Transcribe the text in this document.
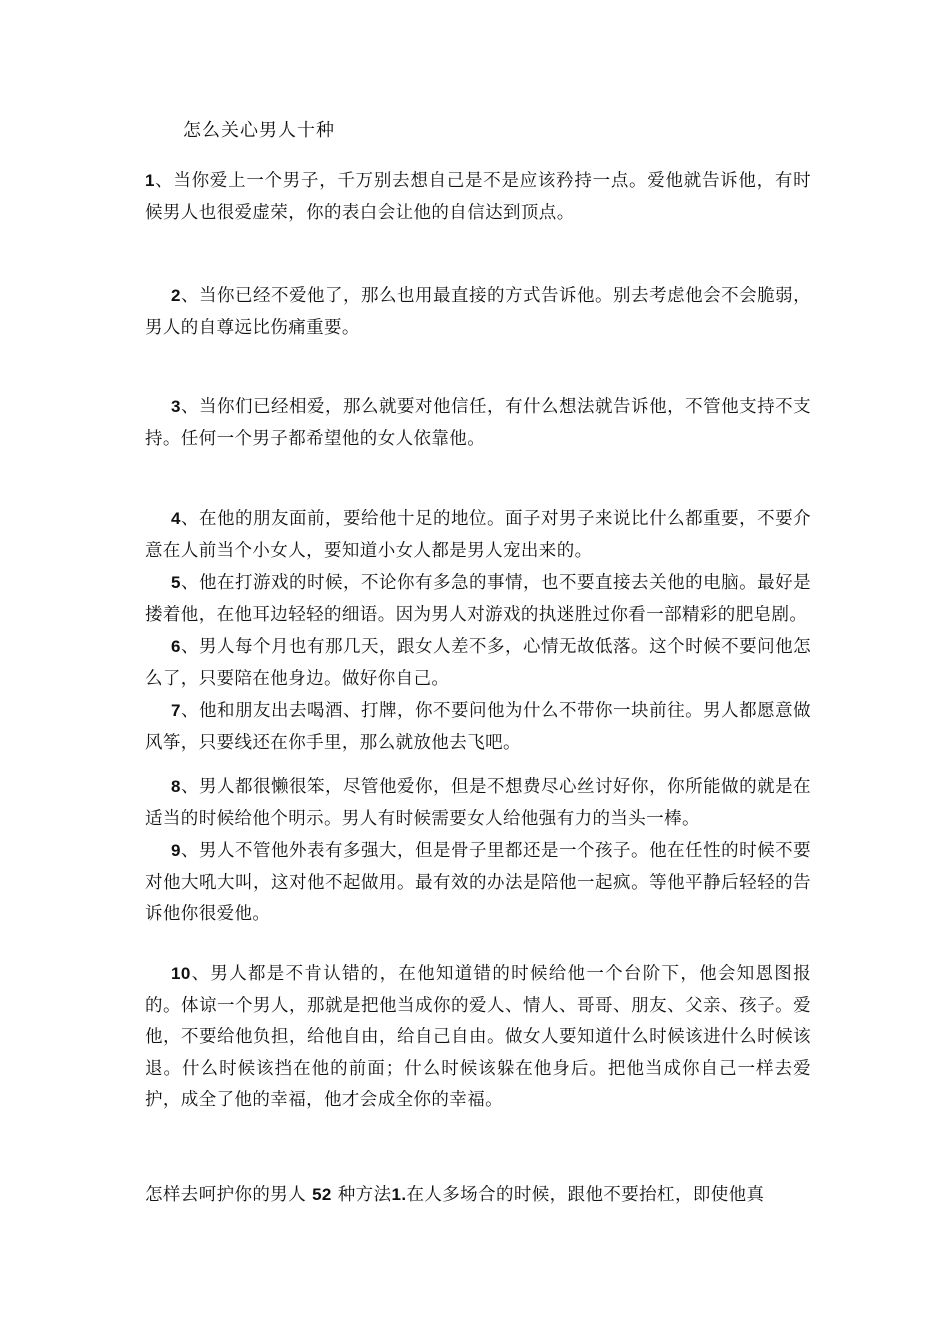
怎么关心男人十种
1、当你爱上一个男子，千万别去想自己是不是应该矜持一点。爱他就告诉他，有时候男人也很爱虚荣，你的表白会让他的自信达到顶点。
2、当你已经不爱他了，那么也用最直接的方式告诉他。别去考虑他会不会脆弱，男人的自尊远比伤痛重要。
3、当你们已经相爱，那么就要对他信任，有什么想法就告诉他，不管他支持不支持。任何一个男子都希望他的女人依靠他。
4、在他的朋友面前，要给他十足的地位。面子对男子来说比什么都重要，不要介意在人前当个小女人，要知道小女人都是男人宠出来的。
5、他在打游戏的时候，不论你有多急的事情，也不要直接去关他的电脑。最好是搂着他，在他耳边轻轻的细语。因为男人对游戏的执迷胜过你看一部精彩的肥皂剧。
6、男人每个月也有那几天，跟女人差不多，心情无故低落。这个时候不要问他怎么了，只要陪在他身边。做好你自己。
7、他和朋友出去喝酒、打牌，你不要问他为什么不带你一块前往。男人都愿意做风筝，只要线还在你手里，那么就放他去飞吧。
8、男人都很懒很笨，尽管他爱你，但是不想费尽心丝讨好你，你所能做的就是在适当的时候给他个明示。男人有时候需要女人给他强有力的当头一棒。
9、男人不管他外表有多强大，但是骨子里都还是一个孩子。他在任性的时候不要对他大吼大叫，这对他不起做用。最有效的办法是陪他一起疯。等他平静后轻轻的告诉他你很爱他。
10、男人都是不肯认错的，在他知道错的时候给他一个台阶下，他会知恩图报的。体谅一个男人，那就是把他当成你的爱人、情人、哥哥、朋友、父亲、孩子。爱他，不要给他负担，给他自由，给自己自由。做女人要知道什么时候该进什么时候该退。什么时候该挡在他的前面；什么时候该躲在他身后。把他当成你自己一样去爱护，成全了他的幸福，他才会成全你的幸福。
怎样去呵护你的男人 52 种方法1.在人多场合的时候，跟他不要抬杠，即使他真
